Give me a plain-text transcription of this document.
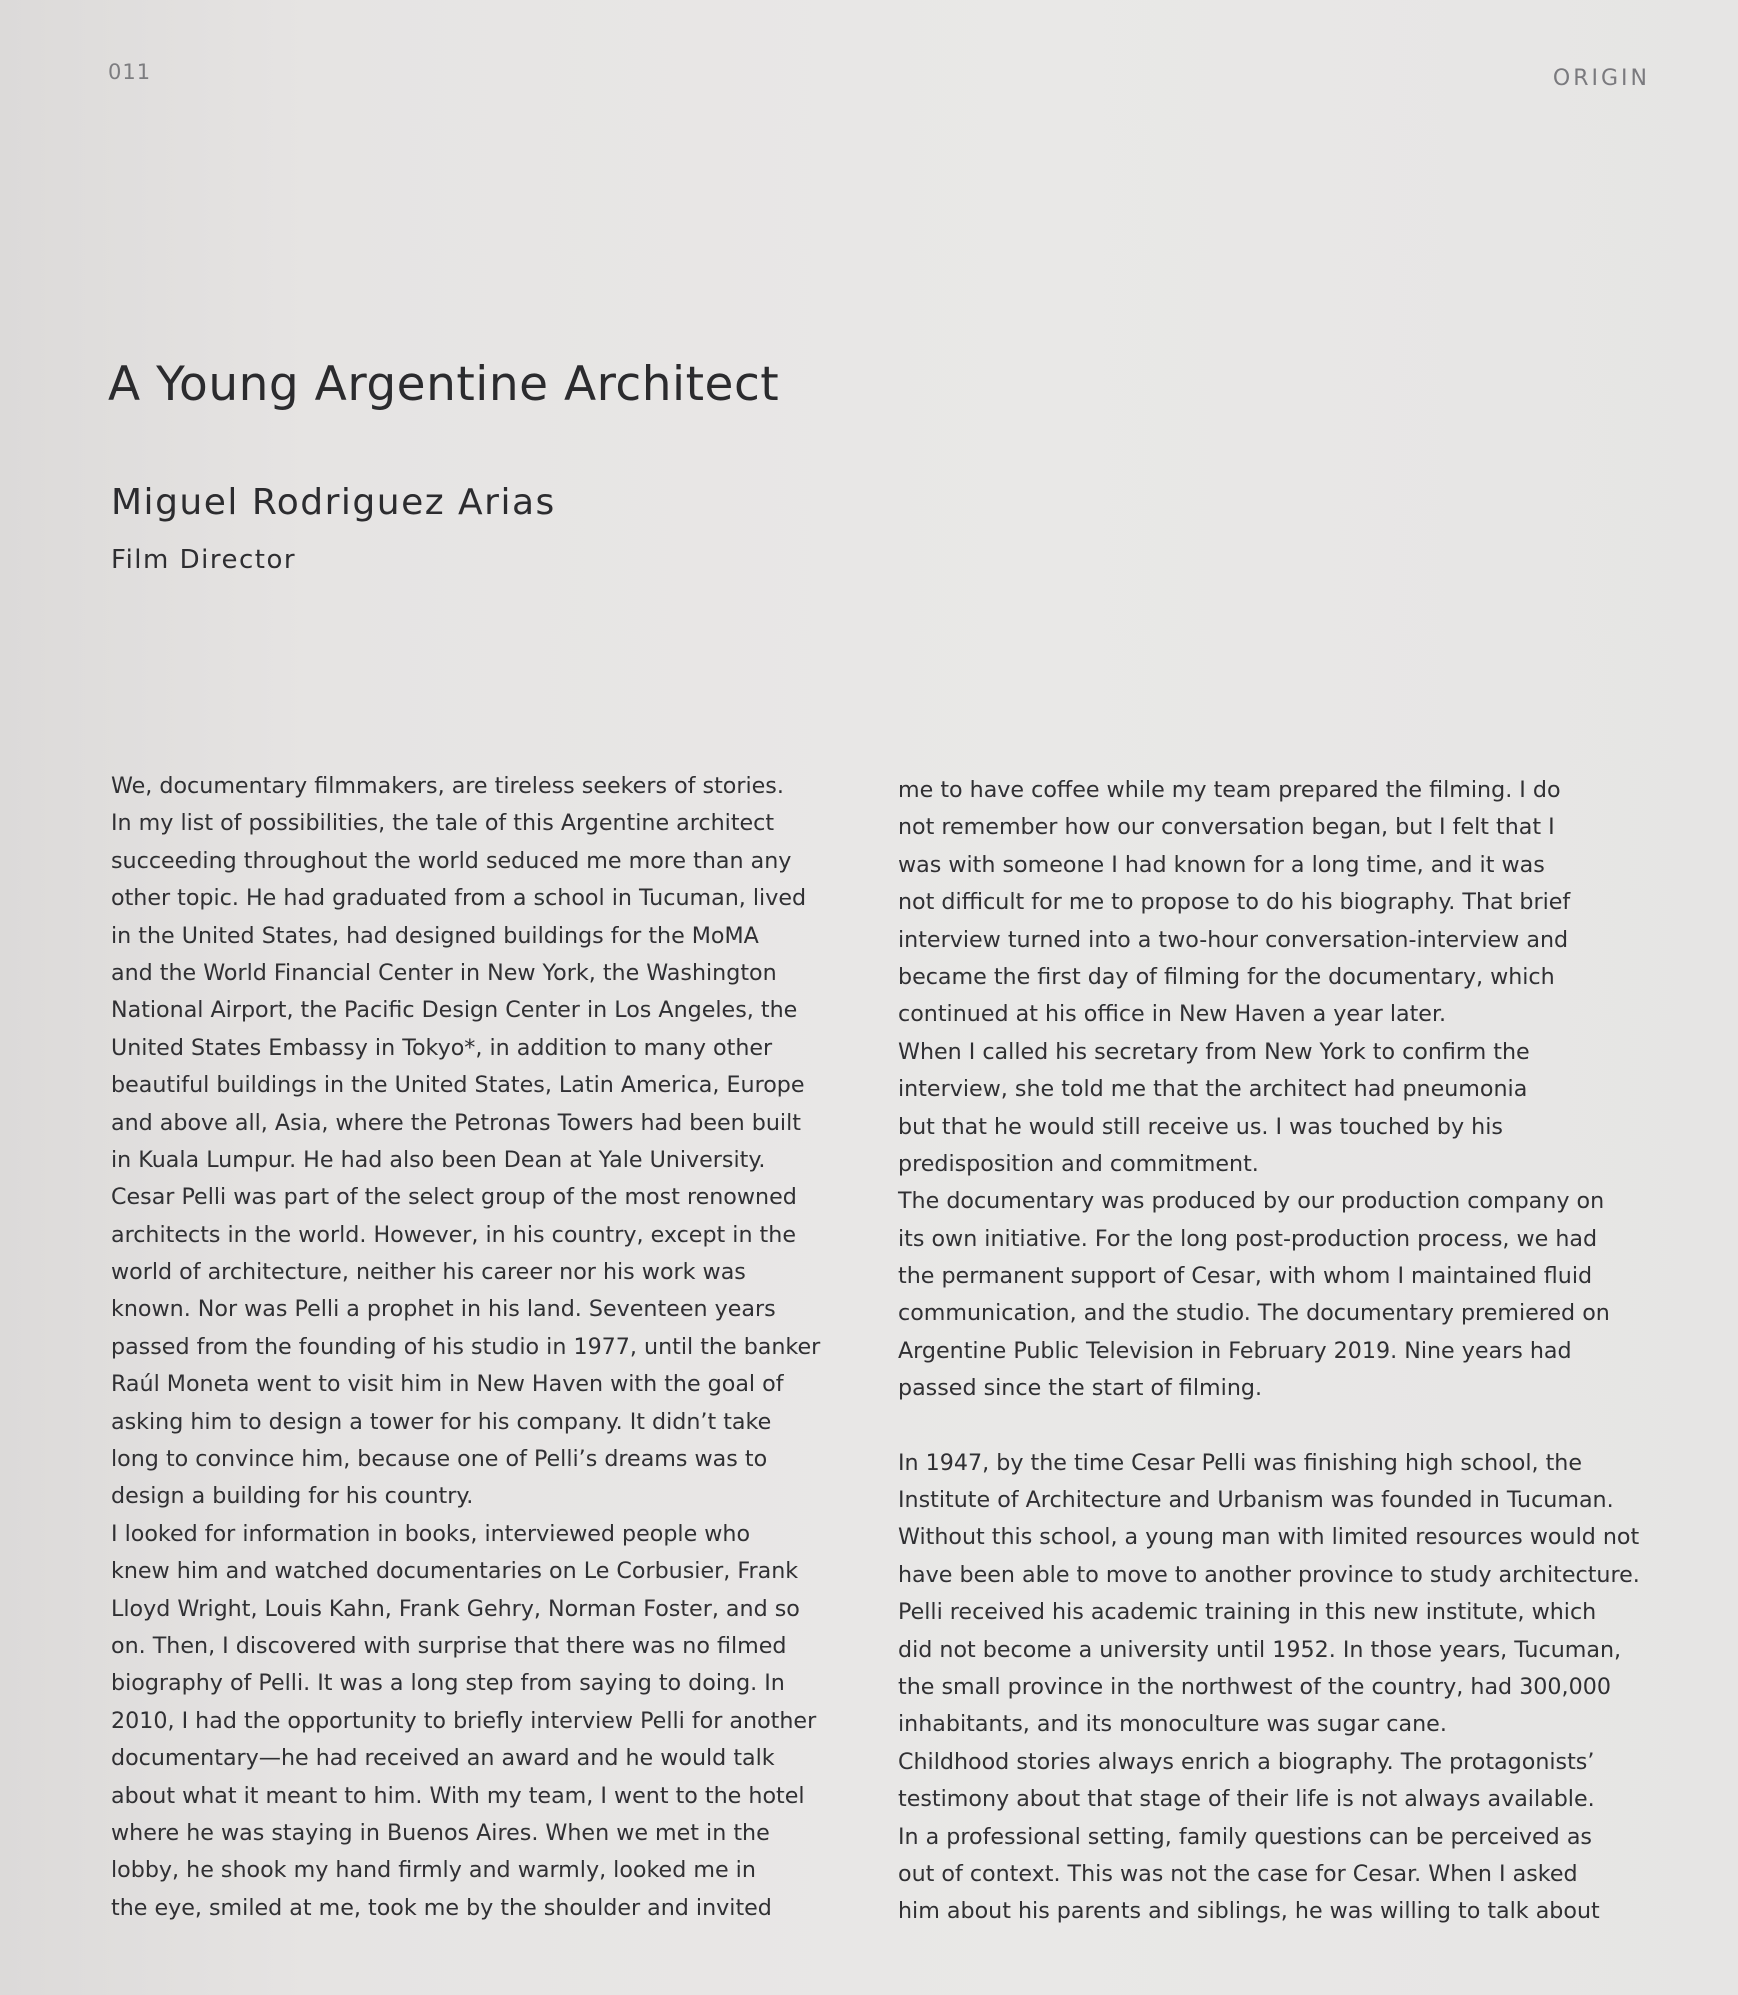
011	ORIGIN
A Young Argentine Architect
Miguel Rodriguez Arias
Film Director
We, documentary filmmakers, are tireless seekers of stories.
In my list of possibilities, the tale of this Argentine architect
succeeding throughout the world seduced me more than any
other topic. He had graduated from a school in Tucuman, lived
in the United States, had designed buildings for the MoMA
and the World Financial Center in New York, the Washington
National Airport, the Pacific Design Center in Los Angeles, the
United States Embassy in Tokyo*, in addition to many other
beautiful buildings in the United States, Latin America, Europe
and above all, Asia, where the Petronas Towers had been built
in Kuala Lumpur. He had also been Dean at Yale University.
Cesar Pelli was part of the select group of the most renowned
architects in the world. However, in his country, except in the
world of architecture, neither his career nor his work was
known. Nor was Pelli a prophet in his land. Seventeen years
passed from the founding of his studio in 1977, until the banker
Raúl Moneta went to visit him in New Haven with the goal of
asking him to design a tower for his company. It didn’t take
long to convince him, because one of Pelli’s dreams was to
design a building for his country.
I looked for information in books, interviewed people who
knew him and watched documentaries on Le Corbusier, Frank
Lloyd Wright, Louis Kahn, Frank Gehry, Norman Foster, and so
on. Then, I discovered with surprise that there was no filmed
biography of Pelli. It was a long step from saying to doing. In
2010, I had the opportunity to briefly interview Pelli for another
documentary—he had received an award and he would talk
about what it meant to him. With my team, I went to the hotel
where he was staying in Buenos Aires. When we met in the
lobby, he shook my hand firmly and warmly, looked me in
the eye, smiled at me, took me by the shoulder and invited
me to have coffee while my team prepared the filming. I do
not remember how our conversation began, but I felt that I
was with someone I had known for a long time, and it was
not difficult for me to propose to do his biography. That brief
interview turned into a two-hour conversation-interview and
became the first day of filming for the documentary, which
continued at his office in New Haven a year later.
When I called his secretary from New York to confirm the
interview, she told me that the architect had pneumonia
but that he would still receive us. I was touched by his
predisposition and commitment.
The documentary was produced by our production company on
its own initiative. For the long post-production process, we had
the permanent support of Cesar, with whom I maintained fluid
communication, and the studio. The documentary premiered on
Argentine Public Television in February 2019. Nine years had
passed since the start of filming.
In 1947, by the time Cesar Pelli was finishing high school, the
Institute of Architecture and Urbanism was founded in Tucuman.
Without this school, a young man with limited resources would not
have been able to move to another province to study architecture.
Pelli received his academic training in this new institute, which
did not become a university until 1952. In those years, Tucuman,
the small province in the northwest of the country, had 300,000
inhabitants, and its monoculture was sugar cane.
Childhood stories always enrich a biography. The protagonists’
testimony about that stage of their life is not always available.
In a professional setting, family questions can be perceived as
out of context. This was not the case for Cesar. When I asked
him about his parents and siblings, he was willing to talk about
